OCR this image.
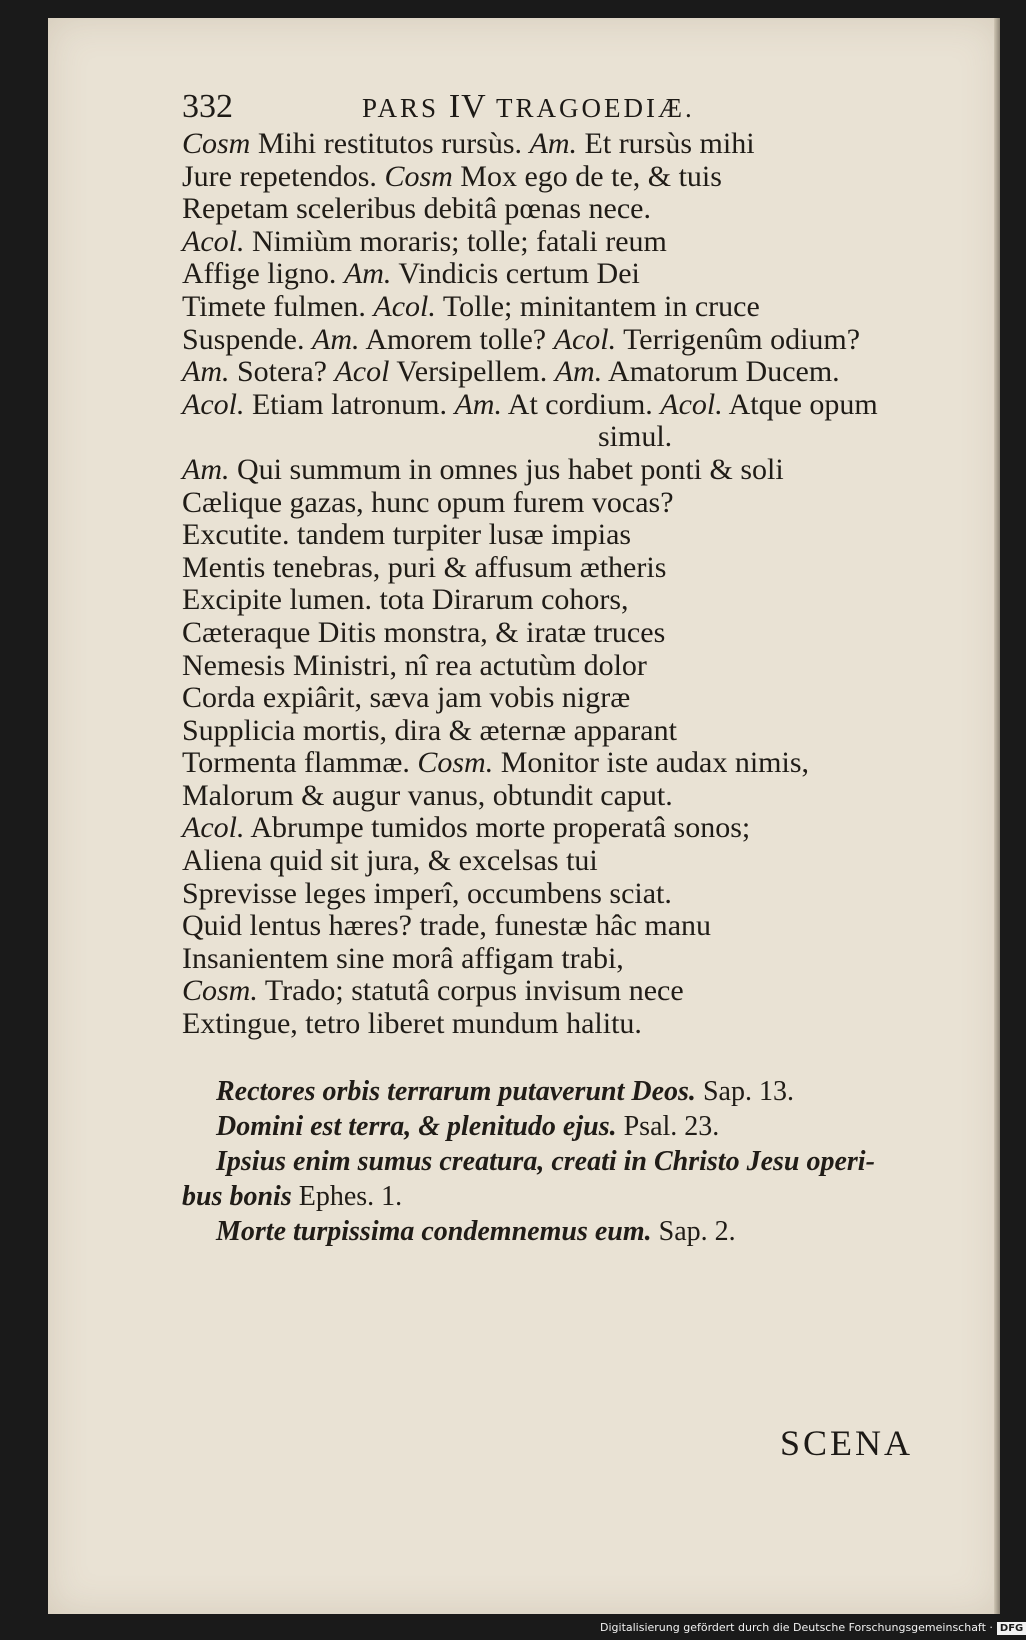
332	PARS IV TRAGOEDIÆ.
Cosm Mihi restitutos rursùs. Am. Et rursùs mihi
Jure repetendos. Cosm Mox ego de te, & tuis
Repetam sceleribus debitâ pœnas nece.
Acol. Nimiùm moraris; tolle; fatali reum
Affige ligno. Am. Vindicis certum Dei
Timete fulmen. Acol. Tolle; minitantem in cruce
Suspende. Am. Amorem tolle? Acol. Terrigenûm odium?
Am. Sotera? Acol Versipellem. Am. Amatorum Ducem.
Acol. Etiam latronum. Am. At cordium. Acol. Atque opum
simul.
Am. Qui summum in omnes jus habet ponti & soli
Cælique gazas, hunc opum furem vocas?
Excutite. tandem turpiter lusæ impias
Mentis tenebras, puri & affusum ætheris
Excipite lumen. tota Dirarum cohors,
Cæteraque Ditis monstra, & iratæ truces
Nemesis Ministri, nî rea actutùm dolor
Corda expiârit, sæva jam vobis nigræ
Supplicia mortis, dira & æternæ apparant
Tormenta flammæ. Cosm. Monitor iste audax nimis,
Malorum & augur vanus, obtundit caput.
Acol. Abrumpe tumidos morte properatâ sonos;
Aliena quid sit jura, & excelsas tui
Sprevisse leges imperî, occumbens sciat.
Quid lentus hæres? trade, funestæ hâc manu
Insanientem sine morâ affigam trabi,
Cosm. Trado; statutâ corpus invisum nece
Extingue, tetro liberet mundum halitu.
Rectores orbis terrarum putaverunt Deos. Sap. 13.
Domini est terra, & plenitudo ejus. Psal. 23.
Ipsius enim sumus creatura, creati in Christo Jesu operi-
bus bonis Ephes. 1.
Morte turpissima condemnemus eum. Sap. 2.
SCENA
Digitalisierung gefördert durch die Deutsche Forschungsgemeinschaft · DFG
